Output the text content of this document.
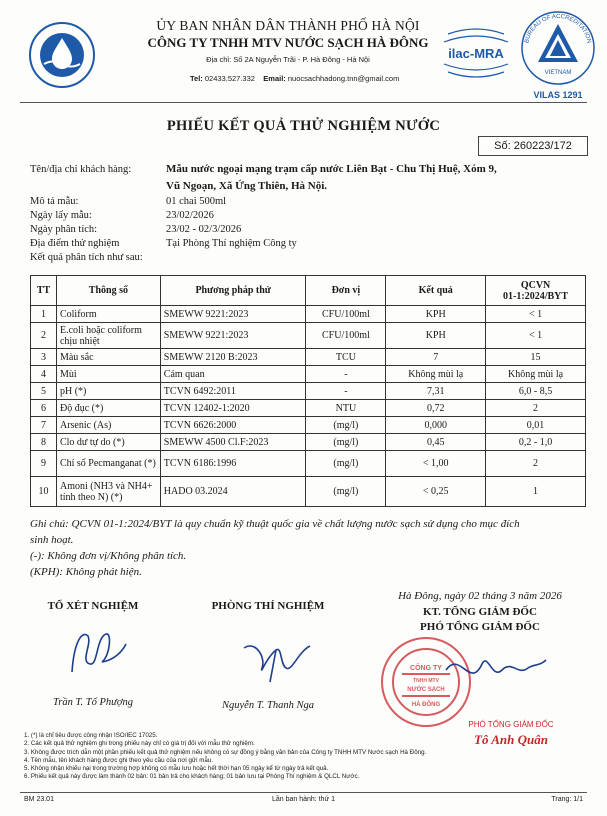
ỦY BAN NHÂN DÂN THÀNH PHỐ HÀ NỘI
CÔNG TY TNHH MTV NƯỚC SẠCH HÀ ĐÔNG
Địa chỉ: Số 2A Nguyễn Trãi - P. Hà Đông - Hà Nội
Tel: 02433.527.332 Email: nuocsachhadong.tnn@gmail.com
ilac-MRA
BUREAU OF ACCREDITATION
VIETNAM
VILAS 1291
PHIẾU KẾT QUẢ THỬ NGHIỆM NƯỚC
Số: 260223/172
Tên/địa chỉ khách hàng:	Mẫu nước ngoại mạng trạm cấp nước Liên Bạt - Chu Thị Huệ, Xóm 9,
Vũ Ngoạn, Xã Ứng Thiên, Hà Nội.
Mô tả mẫu:	01 chai 500ml
Ngày lấy mẫu:	23/02/2026
Ngày phân tích:	23/02 - 02/3/2026
Địa điểm thử nghiệm	Tại Phòng Thí nghiệm Công ty
Kết quả phân tích như sau:
TT	Thông số	Phương pháp thử	Đơn vị	Kết quả	QCVN
01-1:2024/BYT
1	Coliform	SMEWW 9221:2023	CFU/100ml	KPH	< 1
2	E.coli hoặc coliform chịu nhiệt	SMEWW 9221:2023	CFU/100ml	KPH	< 1
3	Màu sắc	SMEWW 2120 B:2023	TCU	7	15
4	Mùi	Cảm quan	-	Không mùi lạ	Không mùi lạ
5	pH (*)	TCVN 6492:2011	-	7,31	6,0 - 8,5
6	Độ đục (*)	TCVN 12402-1:2020	NTU	0,72	2
7	Arsenic (As)	TCVN 6626:2000	(mg/l)	0,000	0,01
8	Clo dư tự do (*)	SMEWW 4500 Cl.F:2023	(mg/l)	0,45	0,2 - 1,0
9	Chỉ số Pecmanganat (*)	TCVN 6186:1996	(mg/l)	< 1,00	2
10	Amoni (NH3 và NH4+ tính theo N) (*)	HADO 03.2024	(mg/l)	< 0,25	1
Ghi chú: QCVN 01-1:2024/BYT là quy chuẩn kỹ thuật quốc gia về chất lượng nước sạch sử dụng cho mục đích
sinh hoạt.
(-): Không đơn vị/Không phân tích.
(KPH): Không phát hiện.
Hà Đông, ngày 02 tháng 3 năm 2026
KT. TỔNG GIÁM ĐỐC
PHÓ TỔNG GIÁM ĐỐC
TỔ XÉT NGHIỆM	PHÒNG THÍ NGHIỆM
Trần T. Tố Phượng	Nguyễn T. Thanh Nga
CÔNG TY
TNHH MTV
NƯỚC SẠCH
HÀ ĐÔNG
PHÓ TỔNG GIÁM ĐỐC
Tô Anh Quân
1. (*) là chỉ tiêu được công nhận ISO/IEC 17025.
2. Các kết quả thử nghiệm ghi trong phiếu này chỉ có giá trị đối với mẫu thử nghiệm.
3. Không được trích dẫn một phần phiếu kết quả thử nghiệm nếu không có sự đồng ý bằng văn bản của Công ty TNHH MTV Nước sạch Hà Đông.
4. Tên mẫu, tên khách hàng được ghi theo yêu cầu của nơi gửi mẫu.
5. Không nhận khiếu nại trong trường hợp không có mẫu lưu hoặc hết thời hạn 05 ngày kể từ ngày trả kết quả.
6. Phiếu kết quả này được làm thành 02 bản: 01 bản trả cho khách hàng; 01 bản lưu tại Phòng Thí nghiệm & QLCL Nước.
BM 23.01	Lần ban hành: thứ 1	Trang: 1/1
